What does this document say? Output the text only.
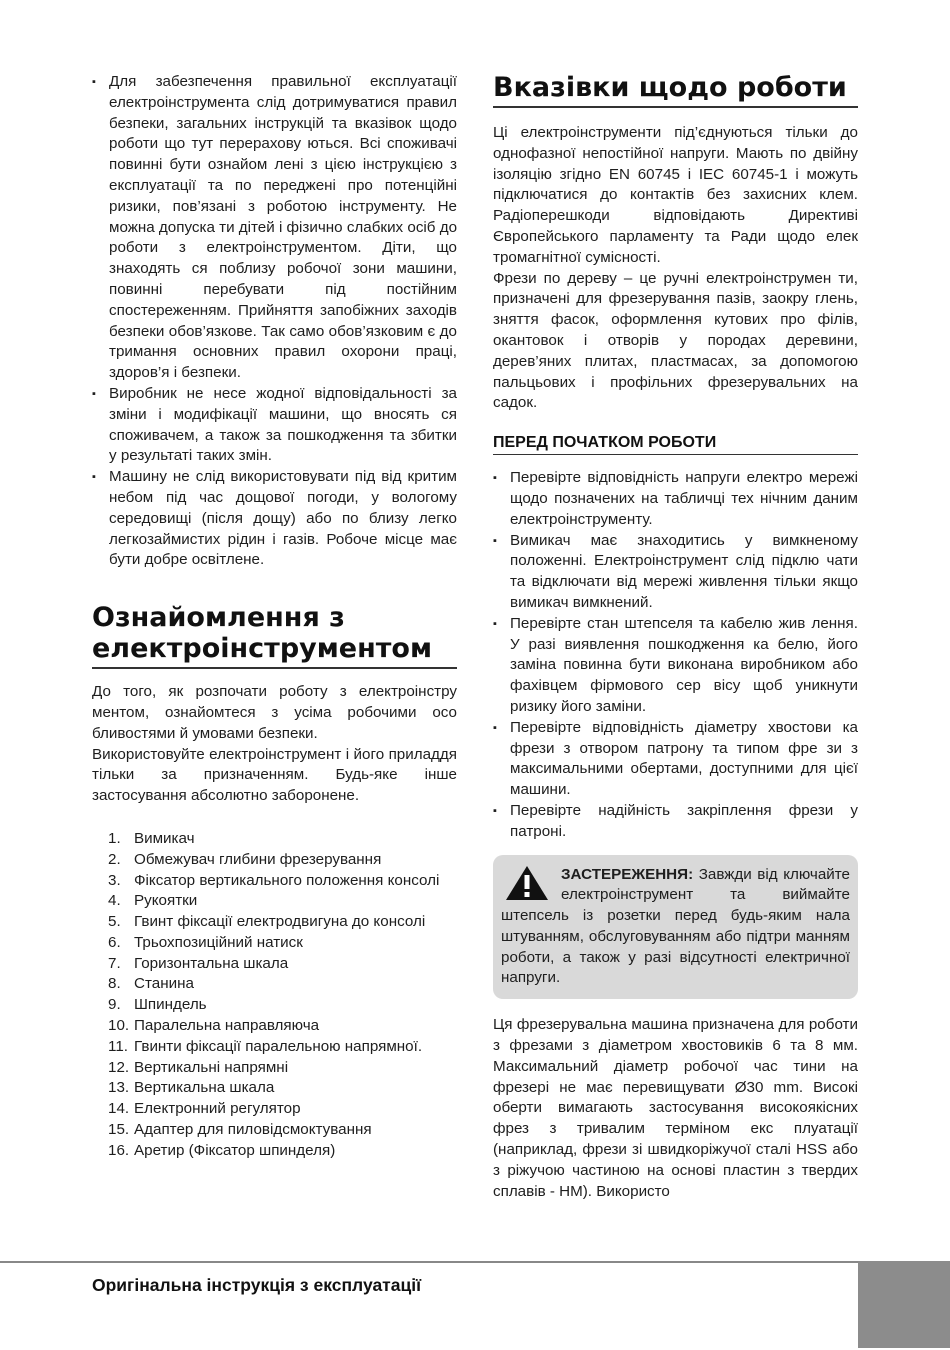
▪ Для забезпечення правильної експлуатації електроінструмента слід дотримуватися правил безпеки, загальних інструкцій та вказівок щодо роботи що тут перерахову ються. Всі споживачі повинні бути ознайом лені з цією інструкцією з експлуатації та по переджені про потенційні ризики, пов’язані з роботою інструменту. Не можна допуска ти дітей і фізично слабких осіб до роботи з електроінструментом. Діти, що знаходять ся поблизу робочої зони машини, повинні перебувати під постійним спостереженням. Прийняття запобіжних заходів безпеки обов’язкове. Так само обов’язковим є до тримання основних правил охорони праці, здоров’я і безпеки.
▪ Виробник не несе жодної відповідальності за зміни і модифікації машини, що вносять ся споживачем, а також за пошкодження та збитки у результаті таких змін.
▪ Машину не слід використовувати під від критим небом під час дощової погоди, у вологому середовищі (після дощу) або по близу легко легкозаймистих рідин і газів. Робоче місце має бути добре освітлене.
Ознайомлення з електроінструментом

До того, як розпочати роботу з електроінстру ментом, ознайомтеся з усіма робочими осо бливостями й умовами безпеки.

Використовуйте електроінструмент і його приладдя тільки за призначенням. Будь-яке інше застосування абсолютно заборонене.

1. Вимикач
2. Обмежувач глибини фрезерування
3. Фіксатор вертикального положення консолі
4. Рукоятки
5. Гвинт фіксації електродвигуна до консолі
6. Трьохпозиційний натиск
7. Горизонтальна шкала
8. Станина
9. Шпиндель
10. Паралельна направляюча
11. Гвинти фіксації паралельною напрямної.
12. Вертикальні напрямні
13. Вертикальна шкала
14. Електронний регулятор
15. Адаптер для пиловідсмоктування
16. Аретир (Фіксатор шпинделя)
Вказівки щодо роботи

Ці електроінструменти під’єднуються тільки до однофазної непостійної напруги. Мають по двійну ізоляцію згідно EN 60745 і IEC 60745-1 і можуть підключатися до контактів без захисних клем. Радіоперешкоди відповідають Директиві Європейського парламенту та Ради щодо елек тромагнітної сумісності.

Фрези по дереву – це ручні електроінструмен ти, призначені для фрезерування пазів, заокру глень, зняття фасок, оформлення кутових про філів, окантовок і отворів у породах деревини, дерев’яних плитах, пластмасах, за допомогою пальцьових і профільних фрезерувальних на садок.

ПЕРЕД ПОЧАТКОМ РОБОТИ
▪ Перевірте відповідність напруги електро мережі щодо позначених на табличці тех нічним даним електроінструменту.
▪ Вимикач має знаходитись у вимкненому положенні. Електроінструмент слід підклю чати та відключати від мережі живлення тільки якщо вимикач вимкнений.
▪ Перевірте стан штепселя та кабелю жив лення. У разі виявлення пошкодження ка белю, його заміна повинна бути виконана виробником або фахівцем фірмового сер вісу щоб уникнути ризику його заміни.
▪ Перевірте відповідність діаметру хвостови ка фрези з отвором патрону та типом фре зи з максимальними обертами, доступними для цієї машини.
▪ Перевірте надійність закріплення фрези у патроні.
ЗАСТЕРЕЖЕННЯ: Завжди від ключайте електроінструмент та виймайте штепсель із розетки перед будь-яким нала штуванням, обслуговуванням або підтри манням роботи, а також у разі відсутності електричної напруги.

Ця фрезерувальна машина призначена для роботи з фрезами з діаметром хвостовиків 6 та 8 мм. Максимальний діаметр робочої час тини на фрезері не має перевищувати Ø30 mm. Високі оберти вимагають застосування високоякісних фрез з тривалим терміном екс плуатації (наприклад, фрези зі швидкоріжучої сталі HSS або з ріжучою частиною на основі пластин з твердих сплавів - HM). Використо

Оригінальна інструкція з експлуатації
